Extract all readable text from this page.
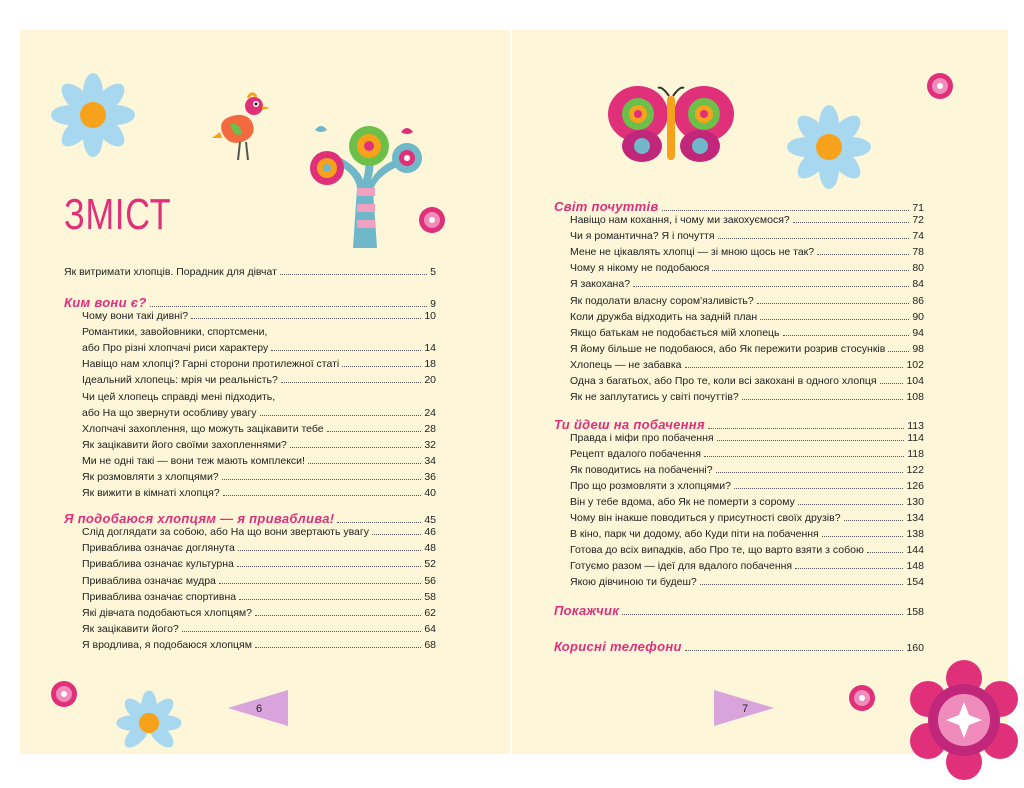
ЗМІСТ
Як витримати хлопців. Порадник для дівчат	5
Ким вони є?	9
Чому вони такі дивні?	10
Романтики, завойовники, спортсмени,
або Про різні хлопчачі риси характеру	14
Навіщо нам хлопці? Гарні сторони протилежної статі	18
Ідеальний хлопець: мрія чи реальність?	20
Чи цей хлопець справді мені підходить,
або На що звернути особливу увагу	24
Хлопчачі захоплення, що можуть зацікавити тебе	28
Як зацікавити його своїми захопленнями?	32
Ми не одні такі — вони теж мають комплекси!	34
Як розмовляти з хлопцями?	36
Як вижити в кімнаті хлопця?	40
Я подобаюся хлопцям — я приваблива!	45
Слід доглядати за собою, або На що вони звертають увагу	46
Приваблива означає доглянута	48
Приваблива означає культурна	52
Приваблива означає мудра	56
Приваблива означає спортивна	58
Які дівчата подобаються хлопцям?	62
Як зацікавити його?	64
Я вродлива, я подобаюся хлопцям	68
6
Світ почуттів	71
Навіщо нам кохання, і чому ми закохуємося?	72
Чи я романтична? Я і почуття	74
Мене не цікавлять хлопці — зі мною щось не так?	78
Чому я нікому не подобаюся	80
Я закохана?	84
Як подолати власну сором'язливість?	86
Коли дружба відходить на задній план	90
Якщо батькам не подобається мій хлопець	94
Я йому більше не подобаюся, або Як пережити розрив стосунків	98
Хлопець — не забавка	102
Одна з багатьох, або Про те, коли всі закохані в одного хлопця	104
Як не заплутатись у світі почуттів?	108
Ти йдеш на побачення	113
Правда і міфи про побачення	114
Рецепт вдалого побачення	118
Як поводитись на побаченні?	122
Про що розмовляти з хлопцями?	126
Він у тебе вдома, або Як не померти з сорому	130
Чому він інакше поводиться у присутності своїх друзів?	134
В кіно, парк чи додому, або Куди піти на побачення	138
Готова до всіх випадків, або Про те, що варто взяти з собою	144
Готуємо разом — ідеї для вдалого побачення	148
Якою дівчиною ти будеш?	154
Покажчик	158
Корисні телефони	160
7
